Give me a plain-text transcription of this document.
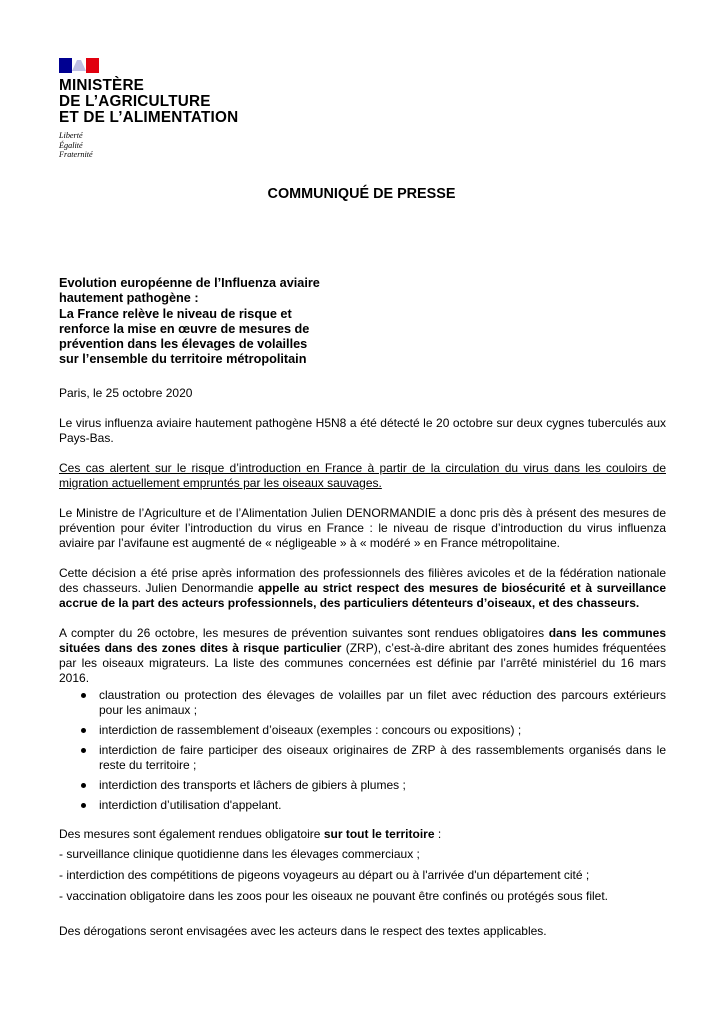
MINISTÈRE
DE L’AGRICULTURE
ET DE L’ALIMENTATION
Liberté
Égalité
Fraternité
COMMUNIQUÉ DE PRESSE
Evolution européenne de l’Influenza aviaire
hautement pathogène :
La France relève le niveau de risque et
renforce la mise en œuvre de mesures de
prévention dans les élevages de volailles
sur l’ensemble du territoire métropolitain

Paris, le 25 octobre 2020

Le virus influenza aviaire hautement pathogène H5N8 a été détecté le 20 octobre sur deux cygnes tuberculés aux Pays-Bas.

Ces cas alertent sur le risque d’introduction en France à partir de la circulation du virus dans les couloirs de migration actuellement empruntés par les oiseaux sauvages.

Le Ministre de l’Agriculture et de l’Alimentation Julien DENORMANDIE a donc pris dès à présent des mesures de prévention pour éviter l’introduction du virus en France : le niveau de risque d’introduction du virus influenza aviaire par l’avifaune est augmenté de « négligeable » à « modéré » en France métropolitaine.

Cette décision a été prise après information des professionnels des filières avicoles et de la fédération nationale des chasseurs. Julien Denormandie appelle au strict respect des mesures de biosécurité et à surveillance accrue de la part des acteurs professionnels, des particuliers détenteurs d’oiseaux, et des chasseurs.

A compter du 26 octobre, les mesures de prévention suivantes sont rendues obligatoires dans les communes situées dans des zones dites à risque particulier (ZRP), c’est-à-dire abritant des zones humides fréquentées par les oiseaux migrateurs. La liste des communes concernées est définie par l’arrêté ministériel du 16 mars 2016.

claustration ou protection des élevages de volailles par un filet avec réduction des parcours extérieurs pour les animaux ;
interdiction de rassemblement d’oiseaux (exemples : concours ou expositions) ;
interdiction de faire participer des oiseaux originaires de ZRP à des rassemblements organisés dans le reste du territoire ;
interdiction des transports et lâchers de gibiers à plumes ;
interdiction d’utilisation d'appelant.

Des mesures sont également rendues obligatoire sur tout le territoire :

- surveillance clinique quotidienne dans les élevages commerciaux ;

- interdiction des compétitions de pigeons voyageurs au départ ou à l'arrivée d'un département cité ;

- vaccination obligatoire dans les zoos pour les oiseaux ne pouvant être confinés ou protégés sous filet.

Des dérogations seront envisagées avec les acteurs dans le respect des textes applicables.
